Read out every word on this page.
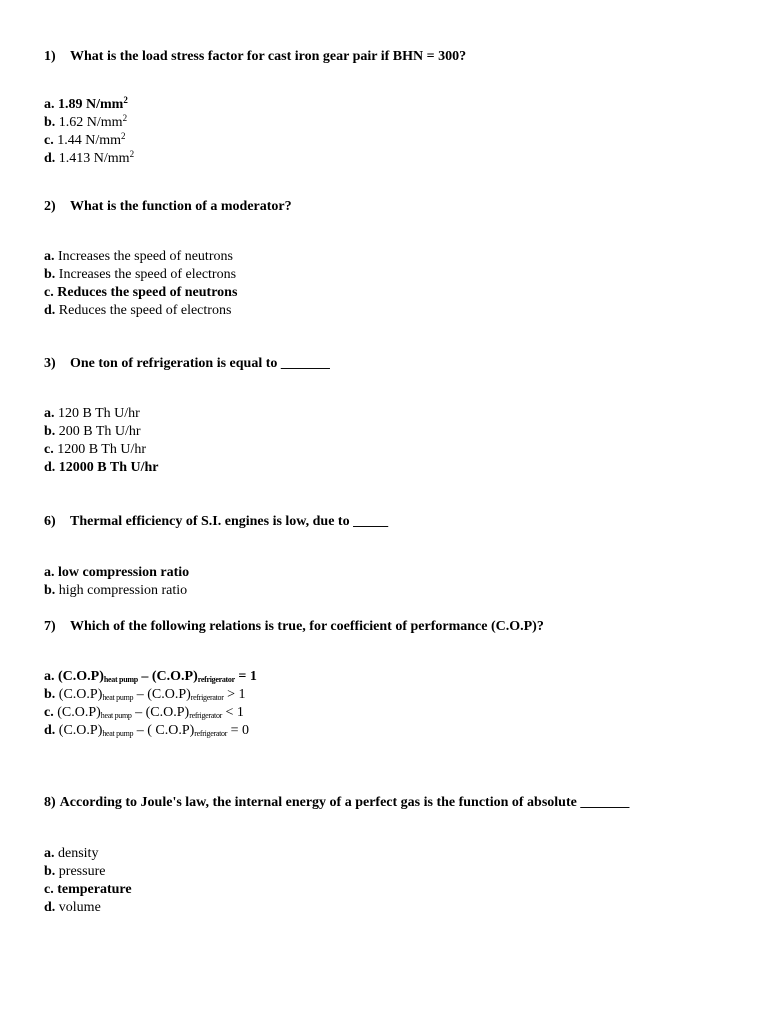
1) What is the load stress factor for cast iron gear pair if BHN = 300?
a. 1.89 $N/mm^2$
b. 1.62 $N/mm^2$
c. 1.44 $N/mm^2$
d. 1.413 $N/mm^2$
2) What is the function of a moderator?
a. Increases the speed of neutrons
b. Increases the speed of electrons
c. Reduces the speed of neutrons
d. Reduces the speed of electrons
3) One ton of refrigeration is equal to _______
a. 120 B Th U/hr
b. 200 B Th U/hr
c. 1200 B Th U/hr
d. 12000 B Th U/hr
6) Thermal efficiency of S.I. engines is low, due to _____
a. low compression ratio
b. high compression ratio
7) Which of the following relations is true, for coefficient of performance (C.O.P)?
a. $(C.O.P)_{heat pump} - (C.O.P)_{refrigerator} = 1$
b. $(C.O.P)_{heat pump} - (C.O.P)_{refrigerator} > 1$
c. $(C.O.P)_{heat pump} - (C.O.P)_{refrigerator} < 1$
d. $(C.O.P)_{heat pump}$ – ( $C.O.P)_{refrigerator} = 0$
8) According to Joule's law, the internal energy of a perfect gas is the function of absolute _______
a. density
b. pressure
c. temperature
d. volume
